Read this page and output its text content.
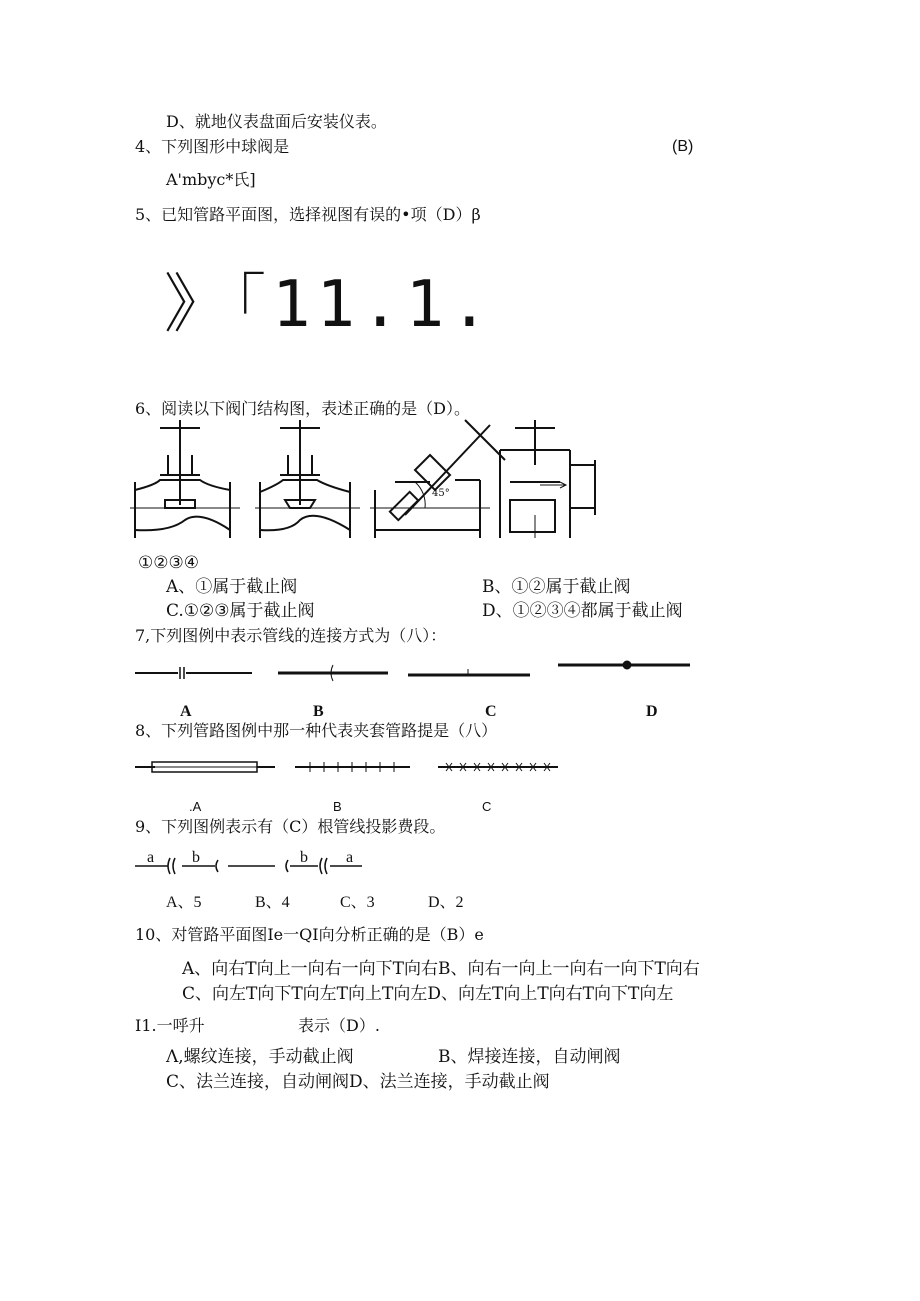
D、就地仪表盘面后安装仪表。
4、下列图形中球阀是	(B)
A'mbyc*氏]
5、已知管路平面图，选择视图有误的•项（D）β
》「11.1.
6、阅读以下阀门结构图，表述正确的是（D）。
45°
①②③④
A、①属于截止阀	B、①②属于截止阀
C.①②③属于截止阀	D、①②③④都属于截止阀
7,下列图例中表示管线的连接方式为（八）：
A	B	C	D
8、下列管路图例中那一种代表夹套管路提是（八）
.A	B	C
9、下列图例表示有（C）根管线投影费段。
a b	b a
A、5	B、4	C、3	D、2
10、对管路平面图Ie一QI向分析正确的是（B）e
A、向右T向上一向右一向下T向右B、向右一向上一向右一向下T向右
C、向左T向下T向左T向上T向左D、向左T向上T向右T向下T向左
I1.一呼升	表示（D）.
Λ,螺纹连接，手动截止阀	B、焊接连接，自动闸阀
C、法兰连接，自动闸阀D、法兰连接，手动截止阀
